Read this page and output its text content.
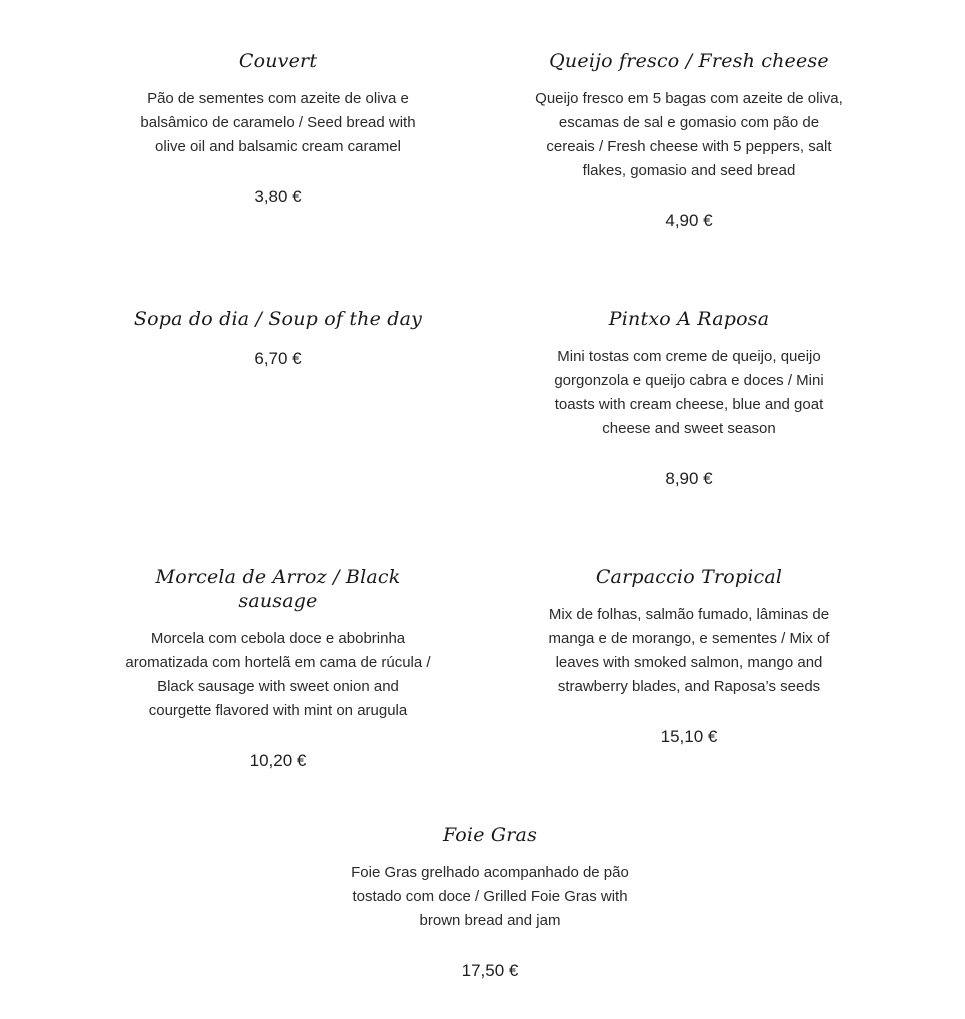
Couvert

Pão de sementes com azeite de oliva e balsâmico de caramelo / Seed bread with olive oil and balsamic cream caramel

3,80 €

Queijo fresco / Fresh cheese

Queijo fresco em 5 bagas com azeite de oliva, escamas de sal e gomasio com pão de cereais / Fresh cheese with 5 peppers, salt flakes, gomasio and seed bread

4,90 €

Sopa do dia / Soup of the day

6,70 €

Pintxo A Raposa

Mini tostas com creme de queijo, queijo gorgonzola e queijo cabra e doces / Mini toasts with cream cheese, blue and goat cheese and sweet season

8,90 €

Morcela de Arroz / Black sausage

Morcela com cebola doce e abobrinha aromatizada com hortelã em cama de rúcula / Black sausage with sweet onion and courgette flavored with mint on arugula

10,20 €

Carpaccio Tropical

Mix de folhas, salmão fumado, lâminas de manga e de morango, e sementes / Mix of leaves with smoked salmon, mango and strawberry blades, and Raposa’s seeds

15,10 €

Foie Gras

Foie Gras grelhado acompanhado de pão tostado com doce / Grilled Foie Gras with brown bread and jam

17,50 €
